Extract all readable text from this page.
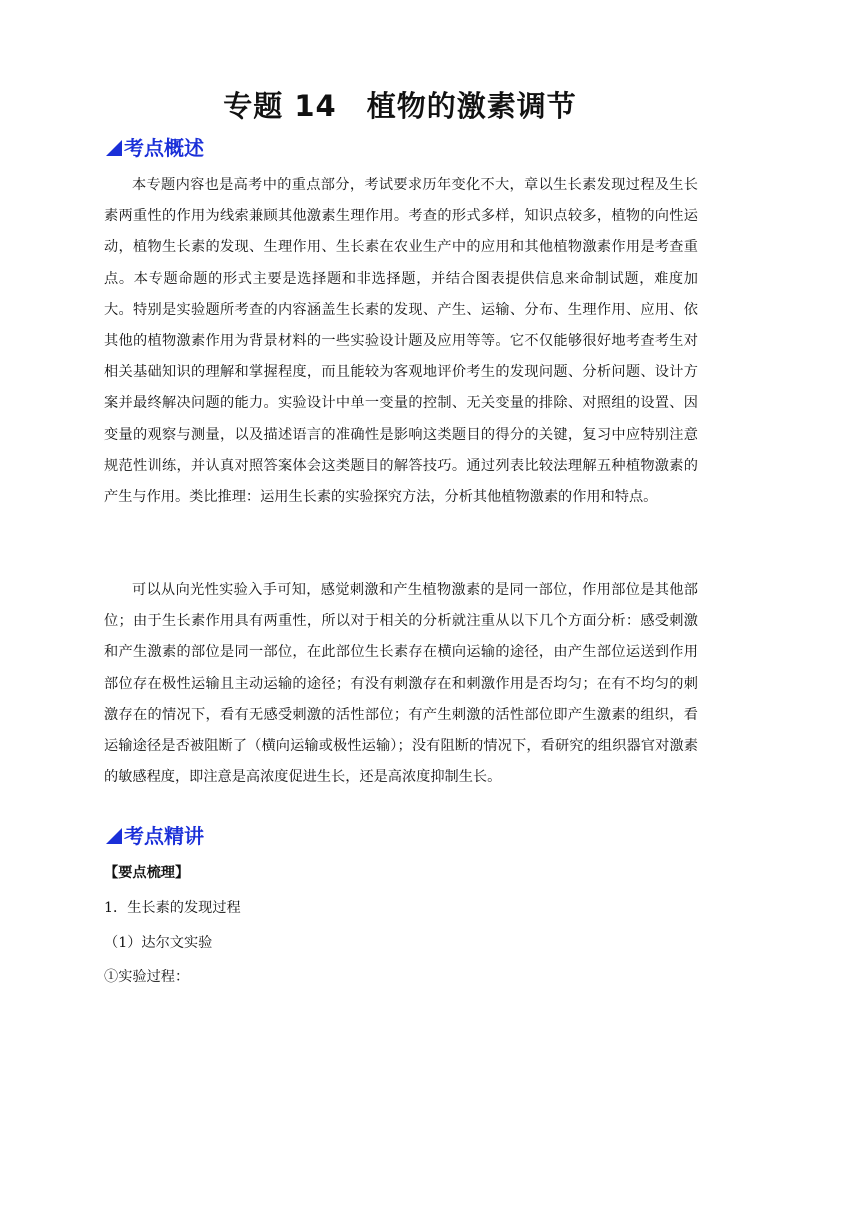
专题 14　植物的激素调节
考点概述

本专题内容也是高考中的重点部分，考试要求历年变化不大，章以生长素发现过程及生长素两重性的作用为线索兼顾其他激素生理作用。考查的形式多样，知识点较多，植物的向性运动，植物生长素的发现、生理作用、生长素在农业生产中的应用和其他植物激素作用是考查重点。本专题命题的形式主要是选择题和非选择题，并结合图表提供信息来命制试题，难度加大。特别是实验题所考查的内容涵盖生长素的发现、产生、运输、分布、生理作用、应用、依其他的植物激素作用为背景材料的一些实验设计题及应用等等。它不仅能够很好地考查考生对相关基础知识的理解和掌握程度，而且能较为客观地评价考生的发现问题、分析问题、设计方案并最终解决问题的能力。实验设计中单一变量的控制、无关变量的排除、对照组的设置、因变量的观察与测量，以及描述语言的准确性是影响这类题目的得分的关键，复习中应特别注意规范性训练，并认真对照答案体会这类题目的解答技巧。通过列表比较法理解五种植物激素的产生与作用。类比推理：运用生长素的实验探究方法，分析其他植物激素的作用和特点。

可以从向光性实验入手可知，感觉刺激和产生植物激素的是同一部位，作用部位是其他部位；由于生长素作用具有两重性，所以对于相关的分析就注重从以下几个方面分析：感受刺激和产生激素的部位是同一部位，在此部位生长素存在横向运输的途径，由产生部位运送到作用部位存在极性运输且主动运输的途径；有没有刺激存在和刺激作用是否均匀；在有不均匀的刺激存在的情况下，看有无感受刺激的活性部位；有产生刺激的活性部位即产生激素的组织，看运输途径是否被阻断了（横向运输或极性运输）；没有阻断的情况下，看研究的组织器官对激素的敏感程度，即注意是高浓度促进生长，还是高浓度抑制生长。

考点精讲
【要点梳理】
1．生长素的发现过程
（1）达尔文实验
①实验过程：
